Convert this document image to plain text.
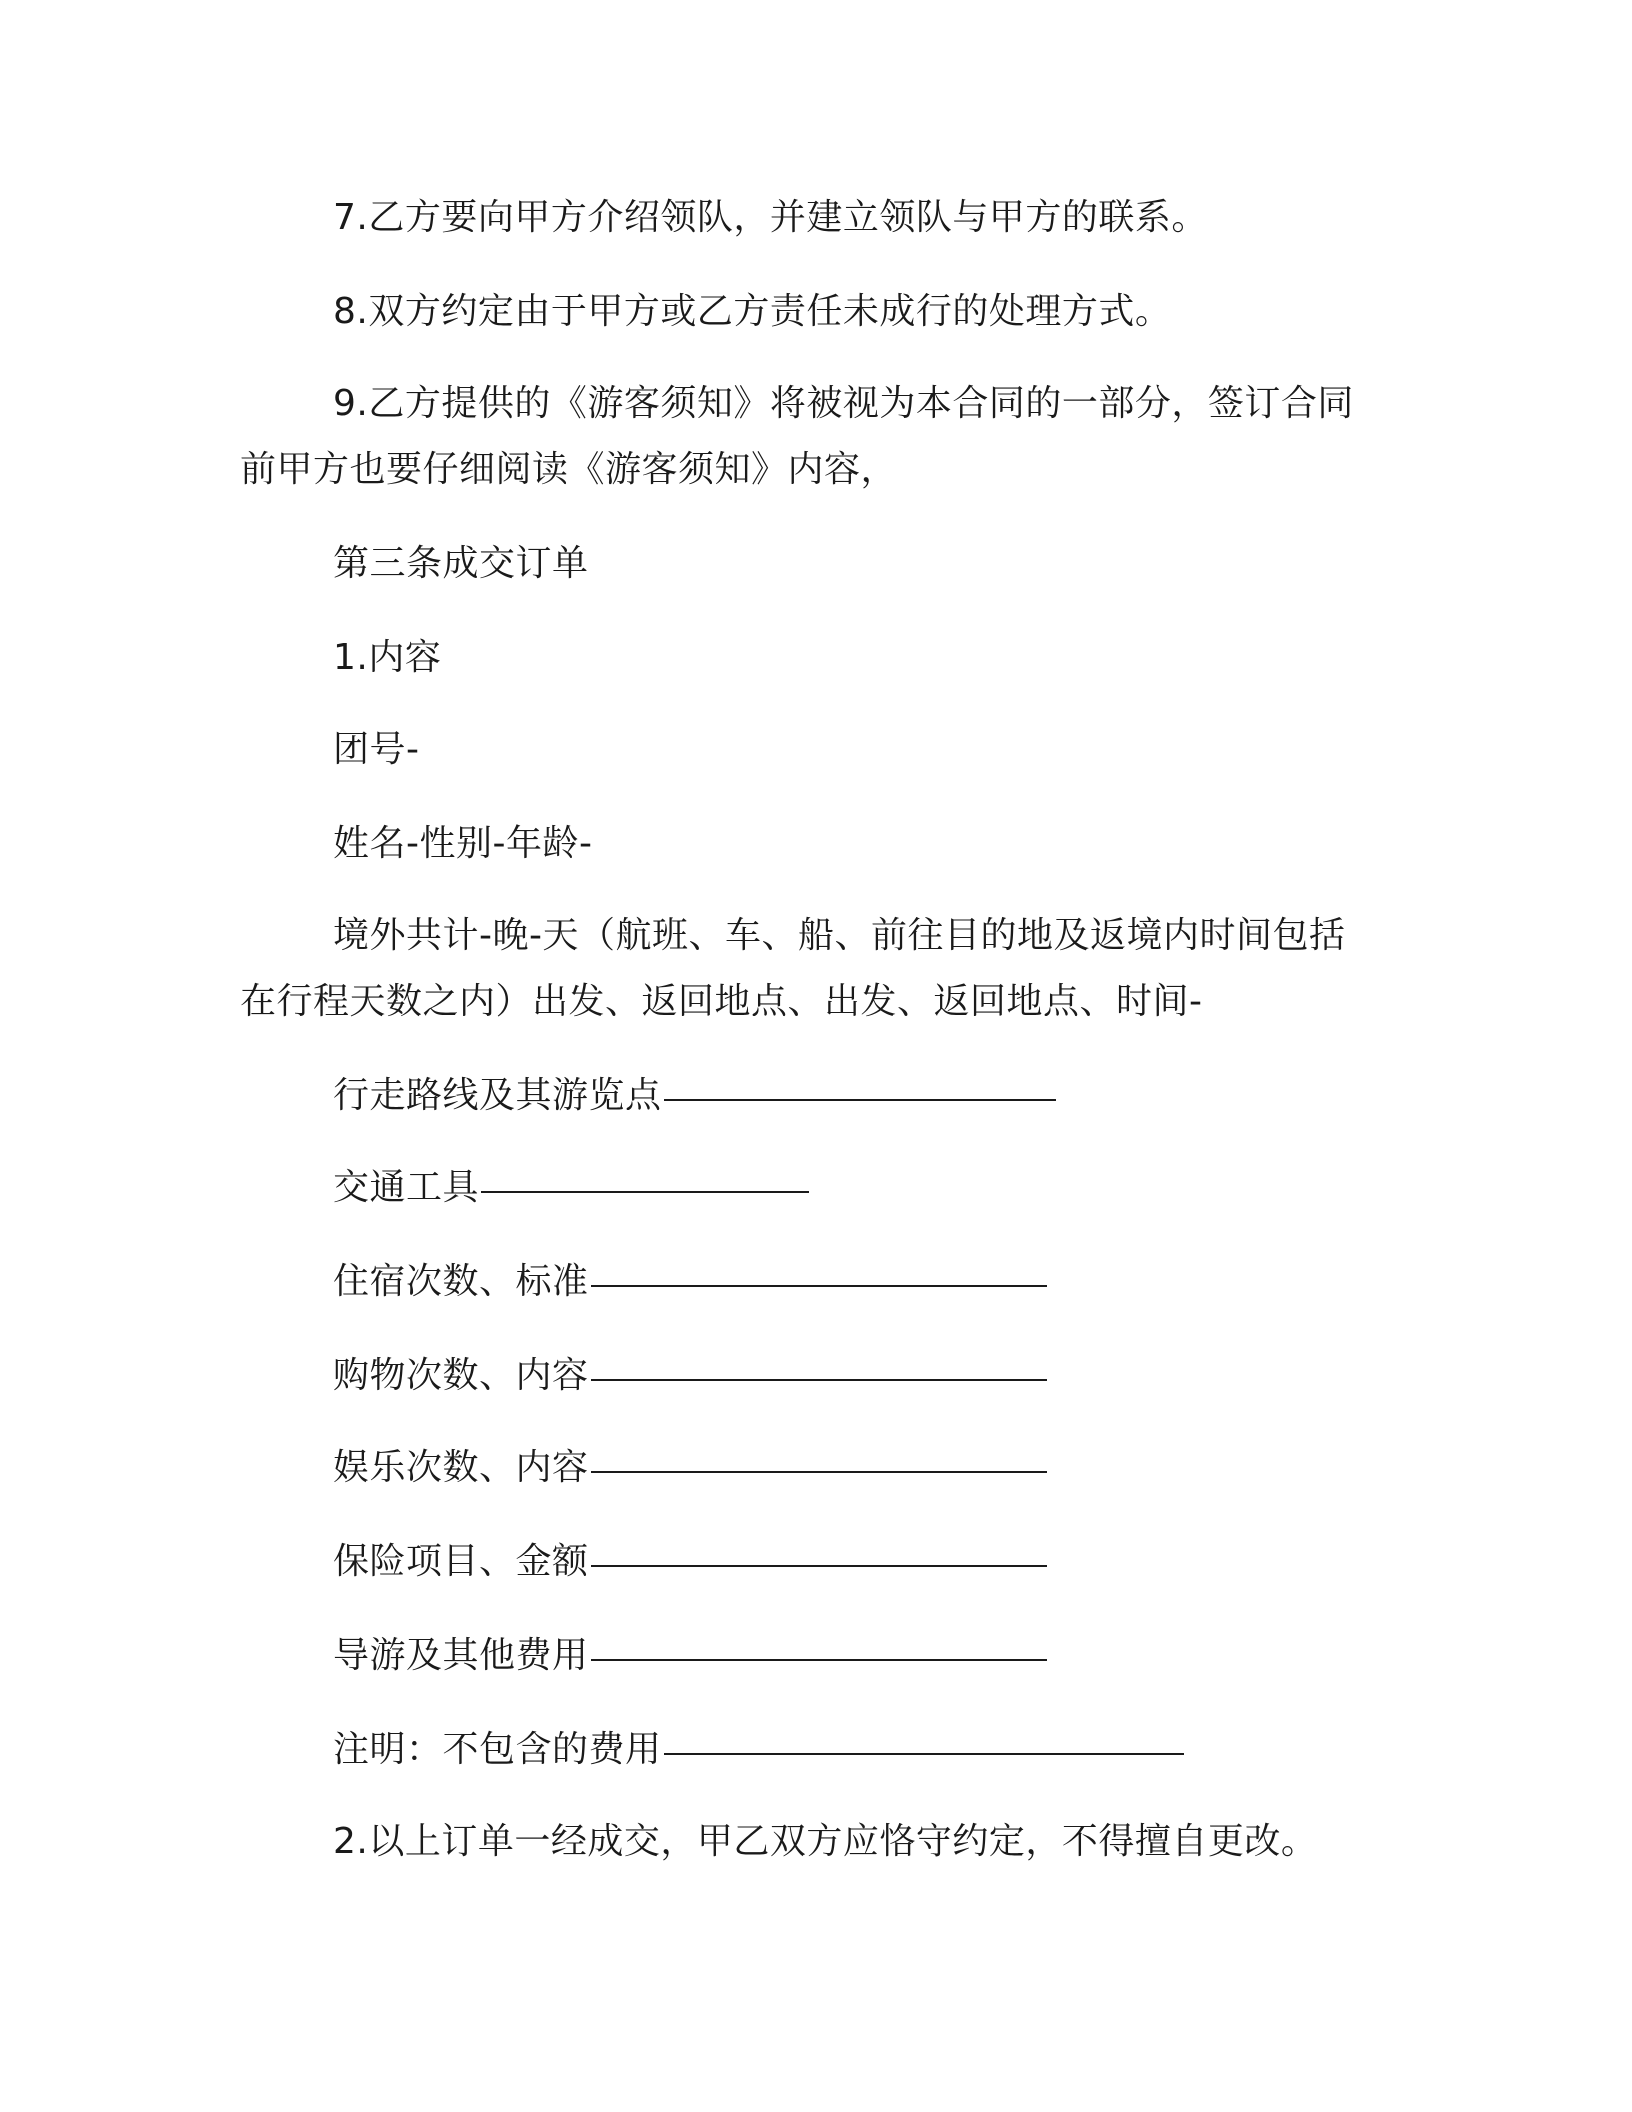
7.乙方要向甲方介绍领队，并建立领队与甲方的联系。
8.双方约定由于甲方或乙方责任未成行的处理方式。
9.乙方提供的《游客须知》将被视为本合同的一部分，签订合同
前甲方也要仔细阅读《游客须知》内容，
第三条成交订单
1.内容
团号-
姓名-性别-年龄-
境外共计-晚-天（航班、车、船、前往目的地及返境内时间包括
在行程天数之内）出发、返回地点、出发、返回地点、时间-
行走路线及其游览点
交通工具
住宿次数、标准
购物次数、内容
娱乐次数、内容
保险项目、金额
导游及其他费用
注明：不包含的费用
2.以上订单一经成交，甲乙双方应恪守约定，不得擅自更改。
